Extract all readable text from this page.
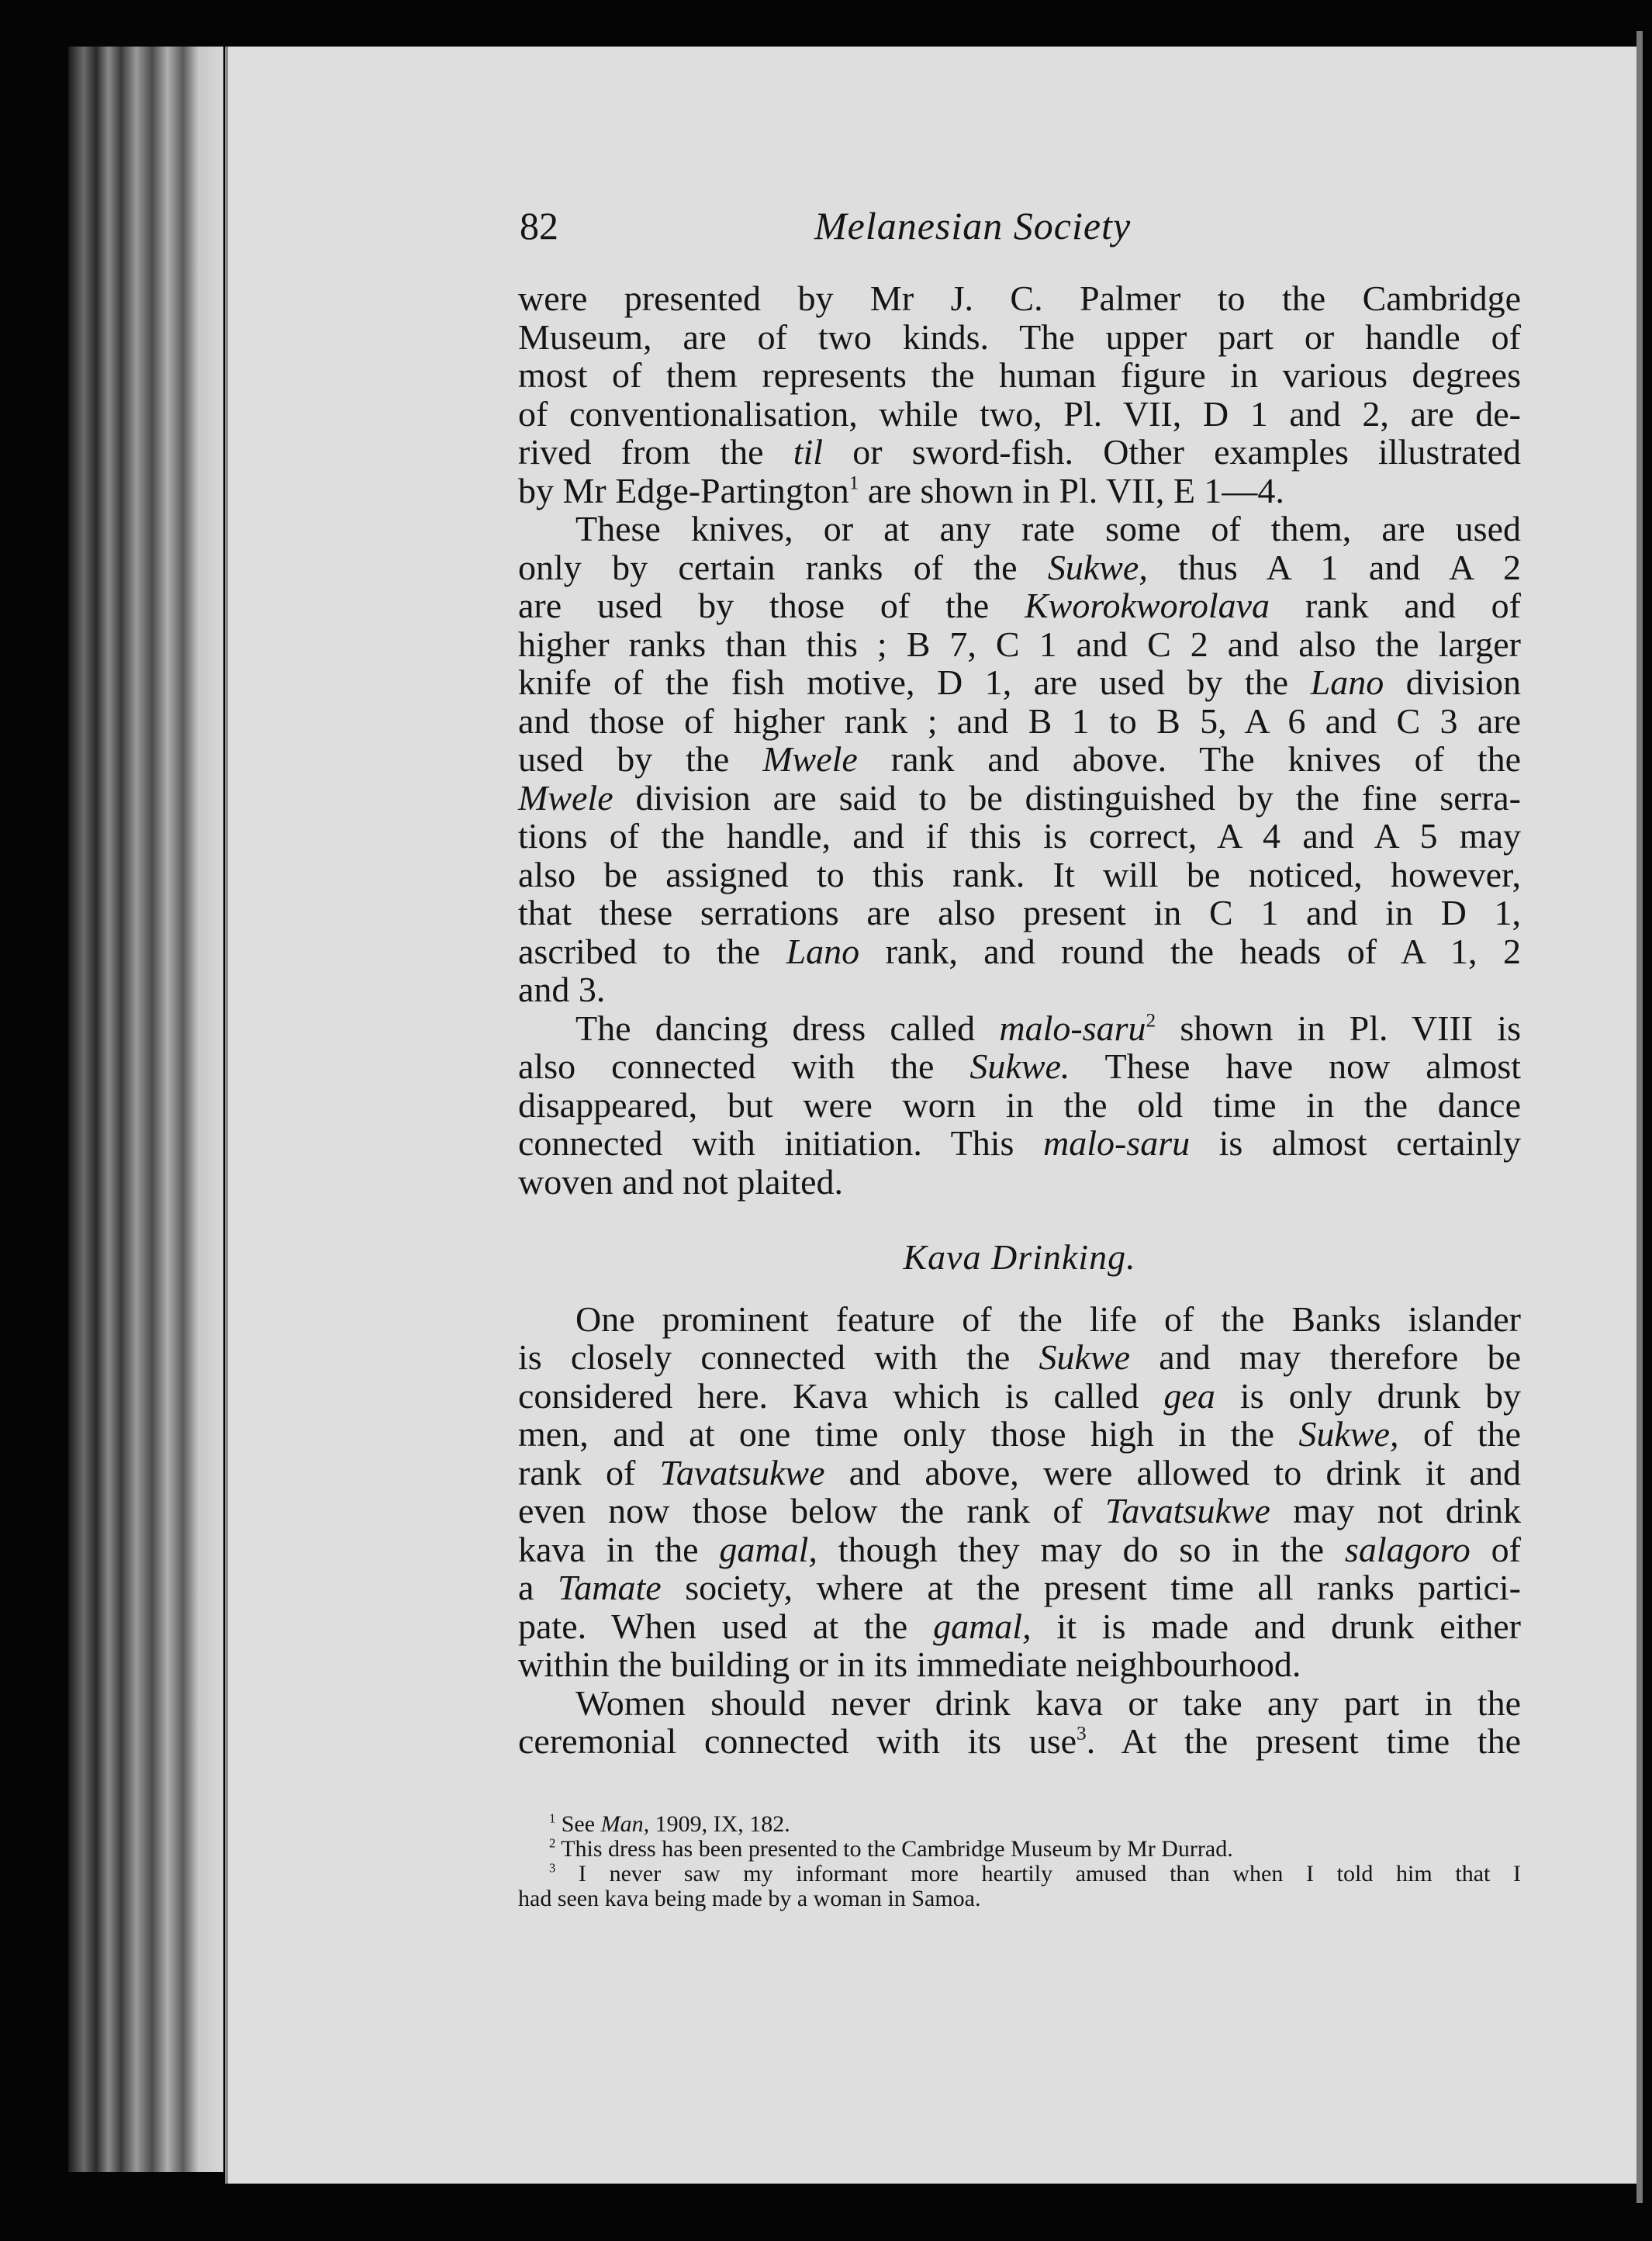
82	Melanesian Society

were presented by Mr J. C. Palmer to the Cambridge
Museum, are of two kinds. The upper part or handle of
most of them represents the human figure in various degrees
of conventionalisation, while two, Pl. VII, D 1 and 2, are de-
rived from the til or sword-fish. Other examples illustrated
by Mr Edge-Partington$^1$ are shown in Pl. VII, E 1—4.

These knives, or at any rate some of them, are used
only by certain ranks of the Sukwe, thus A 1 and A 2
are used by those of the Kworokworolava rank and of
higher ranks than this ; B 7, C 1 and C 2 and also the larger
knife of the fish motive, D 1, are used by the Lano division
and those of higher rank ; and B 1 to B 5, A 6 and C 3 are
used by the Mwele rank and above. The knives of the
Mwele division are said to be distinguished by the fine serra-
tions of the handle, and if this is correct, A 4 and A 5 may
also be assigned to this rank. It will be noticed, however,
that these serrations are also present in C 1 and in D 1,
ascribed to the Lano rank, and round the heads of A 1, 2
and 3.

The dancing dress called malo-saru$^2$ shown in Pl. VIII is
also connected with the Sukwe. These have now almost
disappeared, but were worn in the old time in the dance
connected with initiation. This malo-saru is almost certainly
woven and not plaited.

Kava Drinking.

One prominent feature of the life of the Banks islander
is closely connected with the Sukwe and may therefore be
considered here. Kava which is called gea is only drunk by
men, and at one time only those high in the Sukwe, of the
rank of Tavatsukwe and above, were allowed to drink it and
even now those below the rank of Tavatsukwe may not drink
kava in the gamal, though they may do so in the salagoro of
a Tamate society, where at the present time all ranks partici-
pate. When used at the gamal, it is made and drunk either
within the building or in its immediate neighbourhood.

Women should never drink kava or take any part in the
ceremonial connected with its use$^3$. At the present time the

$^1$ See Man, 1909, IX, 182.

$^2$ This dress has been presented to the Cambridge Museum by Mr Durrad.

$^3$ I never saw my informant more heartily amused than when I told him that I

had seen kava being made by a woman in Samoa.
